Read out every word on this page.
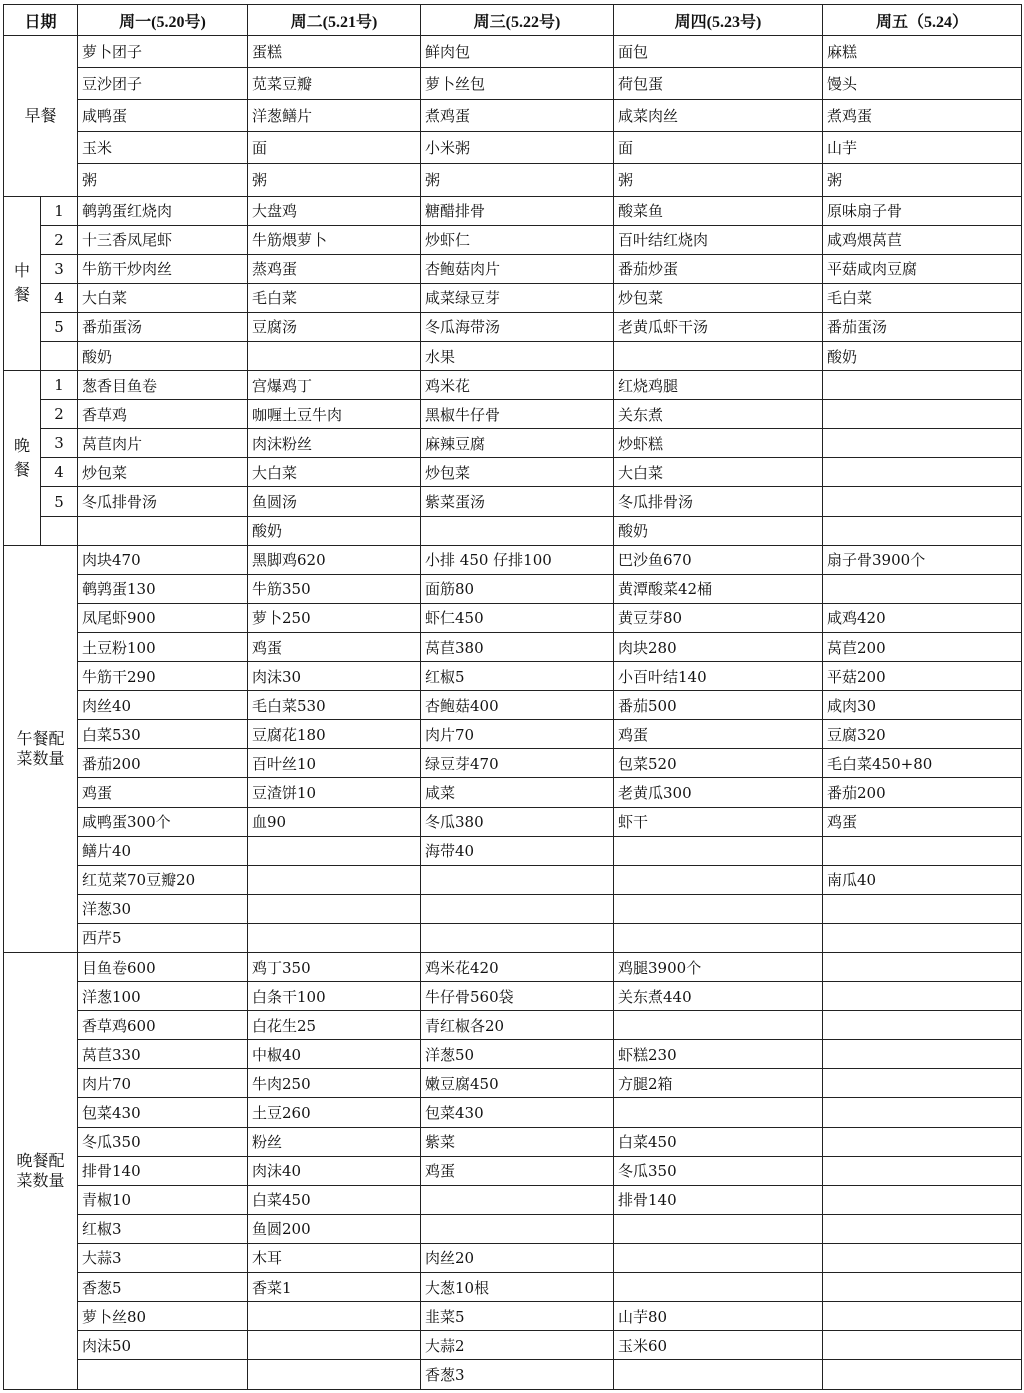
日期		周一(5.20号)	周二(5.21号)	周三(5.22号)	周四(5.23号)	周五（5.24）
早餐		萝卜团子	蛋糕	鲜肉包	面包	麻糕
		豆沙团子	苋菜豆瓣	萝卜丝包	荷包蛋	馒头
		咸鸭蛋	洋葱鳝片	煮鸡蛋	咸菜肉丝	煮鸡蛋
		玉米	面	小米粥	面	山芋
		粥	粥	粥	粥	粥

中餐	1	鹌鹑蛋红烧肉	大盘鸡	糖醋排骨	酸菜鱼	原味扇子骨
	2	十三香凤尾虾	牛筋煨萝卜	炒虾仁	百叶结红烧肉	咸鸡煨莴苣
	3	牛筋干炒肉丝	蒸鸡蛋	杏鲍菇肉片	番茄炒蛋	平菇咸肉豆腐
	4	大白菜	毛白菜	咸菜绿豆芽	炒包菜	毛白菜
	5	番茄蛋汤	豆腐汤	冬瓜海带汤	老黄瓜虾干汤	番茄蛋汤
		酸奶		水果		酸奶

晚餐	1	葱香目鱼卷	宫爆鸡丁	鸡米花	红烧鸡腿	
	2	香草鸡	咖喱土豆牛肉	黑椒牛仔骨	关东煮	
	3	莴苣肉片	肉沫粉丝	麻辣豆腐	炒虾糕	
	4	炒包菜	大白菜	炒包菜	大白菜	
	5	冬瓜排骨汤	鱼圆汤	紫菜蛋汤	冬瓜排骨汤	
			酸奶		酸奶	

午餐配菜数量		肉块470	黑脚鸡620	小排 450 仔排100	巴沙鱼670	扇子骨3900个
		鹌鹑蛋130	牛筋350	面筋80	黄潭酸菜42桶	
		凤尾虾900	萝卜250	虾仁450	黄豆芽80	咸鸡420
		土豆粉100	鸡蛋	莴苣380	肉块280	莴苣200
		牛筋干290	肉沫30	红椒5	小百叶结140	平菇200
		肉丝40	毛白菜530	杏鲍菇400	番茄500	咸肉30
		白菜530	豆腐花180	肉片70	鸡蛋	豆腐320
		番茄200	百叶丝10	绿豆芽470	包菜520	毛白菜450+80
		鸡蛋	豆渣饼10	咸菜	老黄瓜300	番茄200
		咸鸭蛋300个	血90	冬瓜380	虾干	鸡蛋
		鳝片40		海带40		
		红苋菜70豆瓣20				南瓜40
		洋葱30				
		西芹5				

晚餐配菜数量		目鱼卷600	鸡丁350	鸡米花420	鸡腿3900个	
		洋葱100	白条干100	牛仔骨560袋	关东煮440	
		香草鸡600	白花生25	青红椒各20		
		莴苣330	中椒40	洋葱50	虾糕230	
		肉片70	牛肉250	嫩豆腐450	方腿2箱	
		包菜430	土豆260	包菜430		
		冬瓜350	粉丝	紫菜	白菜450	
		排骨140	肉沫40	鸡蛋	冬瓜350	
		青椒10	白菜450		排骨140	
		红椒3	鱼圆200			
		大蒜3	木耳	肉丝20		
		香葱5	香菜1	大葱10根		
		萝卜丝80		韭菜5	山芋80	
		肉沫50		大蒜2	玉米60	
				香葱3		
